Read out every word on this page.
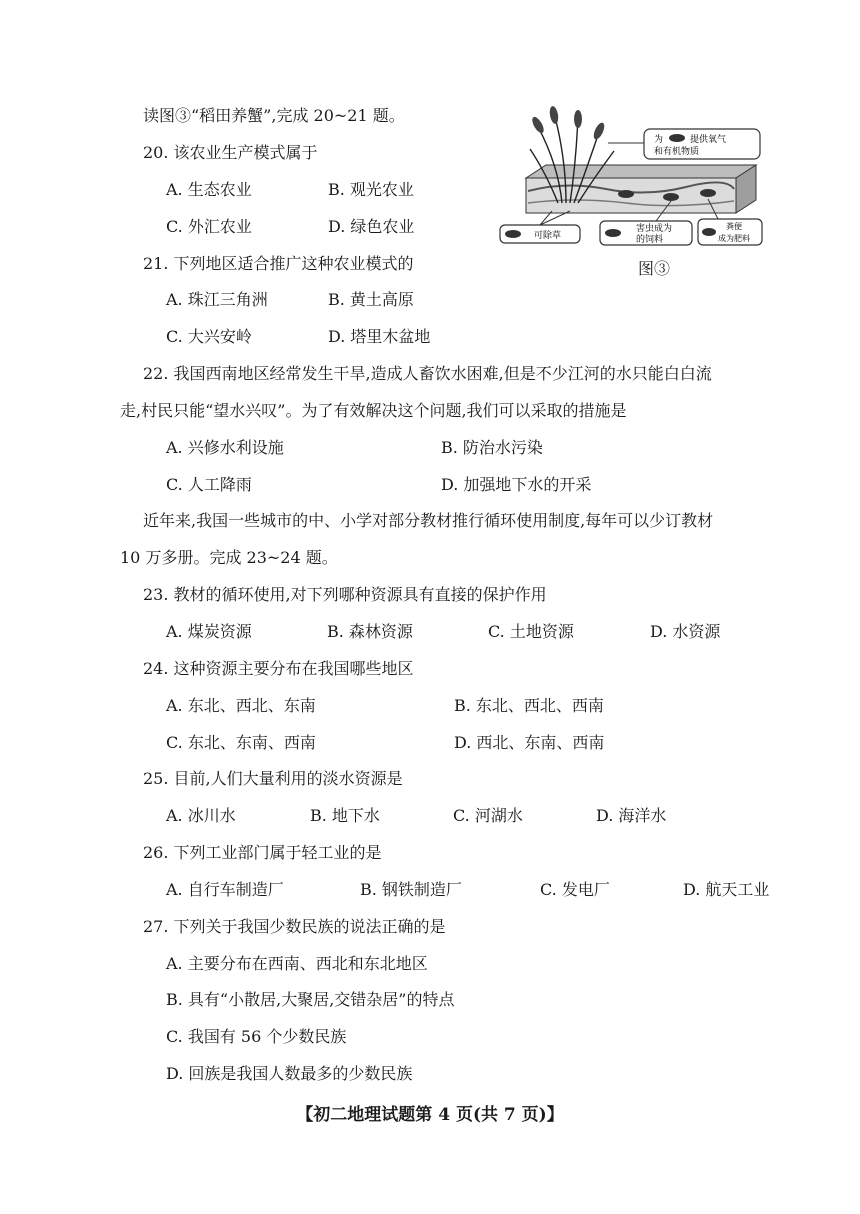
读图③“稻田养蟹”,完成 20~21 题。
20. 该农业生产模式属于
A. 生态农业	B. 观光农业
C. 外汇农业	D. 绿色农业
21. 下列地区适合推广这种农业模式的
A. 珠江三角洲	B. 黄土高原
C. 大兴安岭	D. 塔里木盆地
为	提供氧气
和有机物质
可除草
害虫成为
的饲料
粪便
成为肥料
图③
22. 我国西南地区经常发生干旱,造成人畜饮水困难,但是不少江河的水只能白白流
走,村民只能“望水兴叹”。为了有效解决这个问题,我们可以采取的措施是
A. 兴修水利设施	B. 防治水污染
C. 人工降雨	D. 加强地下水的开采
近年来,我国一些城市的中、小学对部分教材推行循环使用制度,每年可以少订教材
10 万多册。完成 23~24 题。
23. 教材的循环使用,对下列哪种资源具有直接的保护作用
A. 煤炭资源	B. 森林资源	C. 土地资源	D. 水资源
24. 这种资源主要分布在我国哪些地区
A. 东北、西北、东南	B. 东北、西北、西南
C. 东北、东南、西南	D. 西北、东南、西南
25. 目前,人们大量利用的淡水资源是
A. 冰川水	B. 地下水	C. 河湖水	D. 海洋水
26. 下列工业部门属于轻工业的是
A. 自行车制造厂	B. 钢铁制造厂	C. 发电厂	D. 航天工业
27. 下列关于我国少数民族的说法正确的是
A. 主要分布在西南、西北和东北地区
B. 具有“小散居,大聚居,交错杂居”的特点
C. 我国有 56 个少数民族
D. 回族是我国人数最多的少数民族
【初二地理试题第 4 页(共 7 页)】
